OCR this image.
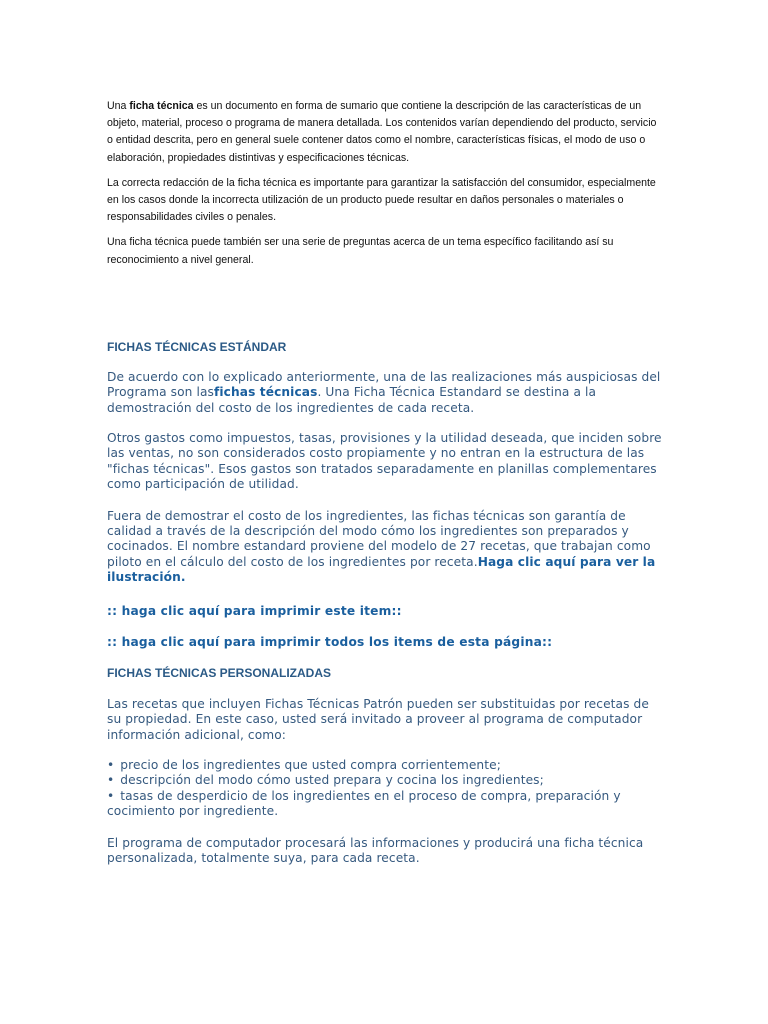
Una ficha técnica es un documento en forma de sumario que contiene la descripción de las características de un objeto, material, proceso o programa de manera detallada. Los contenidos varían dependiendo del producto, servicio o entidad descrita, pero en general suele contener datos como el nombre, características físicas, el modo de uso o elaboración, propiedades distintivas y especificaciones técnicas.

La correcta redacción de la ficha técnica es importante para garantizar la satisfacción del consumidor, especialmente en los casos donde la incorrecta utilización de un producto puede resultar en daños personales o materiales o responsabilidades civiles o penales.

Una ficha técnica puede también ser una serie de preguntas acerca de un tema específico facilitando así su reconocimiento a nivel general.

FICHAS TÉCNICAS ESTÁNDAR

De acuerdo con lo explicado anteriormente, una de las realizaciones más auspiciosas del Programa son lasfichas técnicas. Una Ficha Técnica Estandard se destina a la demostración del costo de los ingredientes de cada receta.

Otros gastos como impuestos, tasas, provisiones y la utilidad deseada, que inciden sobre las ventas, no son considerados costo propiamente y no entran en la estructura de las "fichas técnicas". Esos gastos son tratados separadamente en planillas complementares como participación de utilidad.

Fuera de demostrar el costo de los ingredientes, las fichas técnicas son garantía de calidad a través de la descripción del modo cómo los ingredientes son preparados y cocinados. El nombre estandard proviene del modelo de 27 recetas, que trabajan como piloto en el cálculo del costo de los ingredientes por receta.Haga clic aquí para ver la ilustración.

:: haga clic aquí para imprimir este item::

:: haga clic aquí para imprimir todos los items de esta página::

FICHAS TÉCNICAS PERSONALIZADAS

Las recetas que incluyen Fichas Técnicas Patrón pueden ser substituidas por recetas de su propiedad. En este caso, usted será invitado a proveer al programa de computador información adicional, como:

• precio de los ingredientes que usted compra corrientemente;
• descripción del modo cómo usted prepara y cocina los ingredientes;
• tasas de desperdicio de los ingredientes en el proceso de compra, preparación y cocimiento por ingrediente.

El programa de computador procesará las informaciones y producirá una ficha técnica personalizada, totalmente suya, para cada receta.
